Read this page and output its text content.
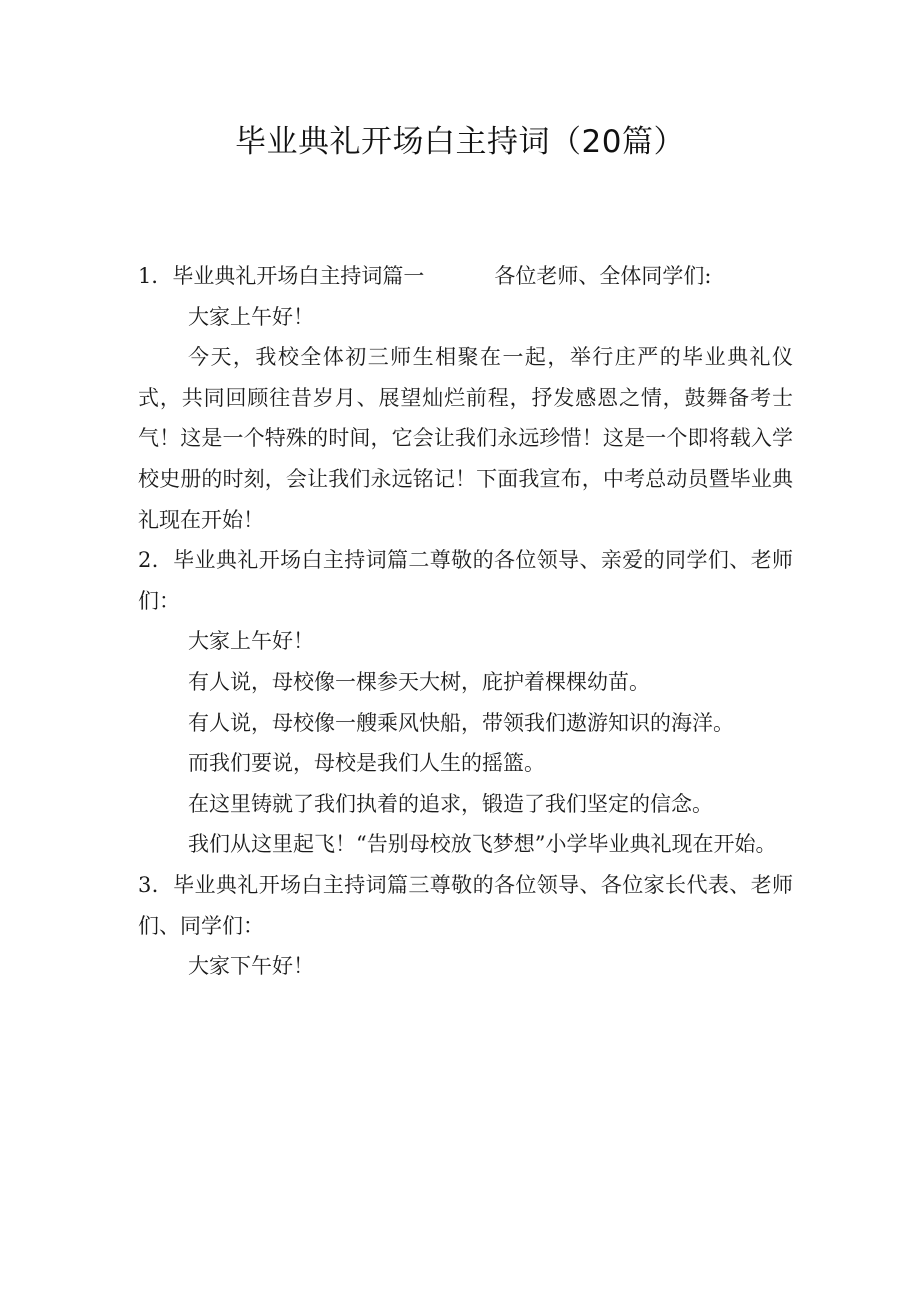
毕业典礼开场白主持词（20篇）

1．毕业典礼开场白主持词篇一	各位老师、全体同学们:

大家上午好！

今天，我校全体初三师生相聚在一起，举行庄严的毕业典礼仪式，共同回顾往昔岁月、展望灿烂前程，抒发感恩之情，鼓舞备考士气！这是一个特殊的时间，它会让我们永远珍惜！这是一个即将载入学校史册的时刻，会让我们永远铭记！下面我宣布，中考总动员暨毕业典礼现在开始！

2．毕业典礼开场白主持词篇二尊敬的各位领导、亲爱的同学们、老师们：

大家上午好！

有人说，母校像一棵参天大树，庇护着棵棵幼苗。

有人说，母校像一艘乘风快船，带领我们遨游知识的海洋。

而我们要说，母校是我们人生的摇篮。

在这里铸就了我们执着的追求，锻造了我们坚定的信念。

我们从这里起飞！“告别母校放飞梦想”小学毕业典礼现在开始。

3．毕业典礼开场白主持词篇三尊敬的各位领导、各位家长代表、老师们、同学们：

大家下午好！
